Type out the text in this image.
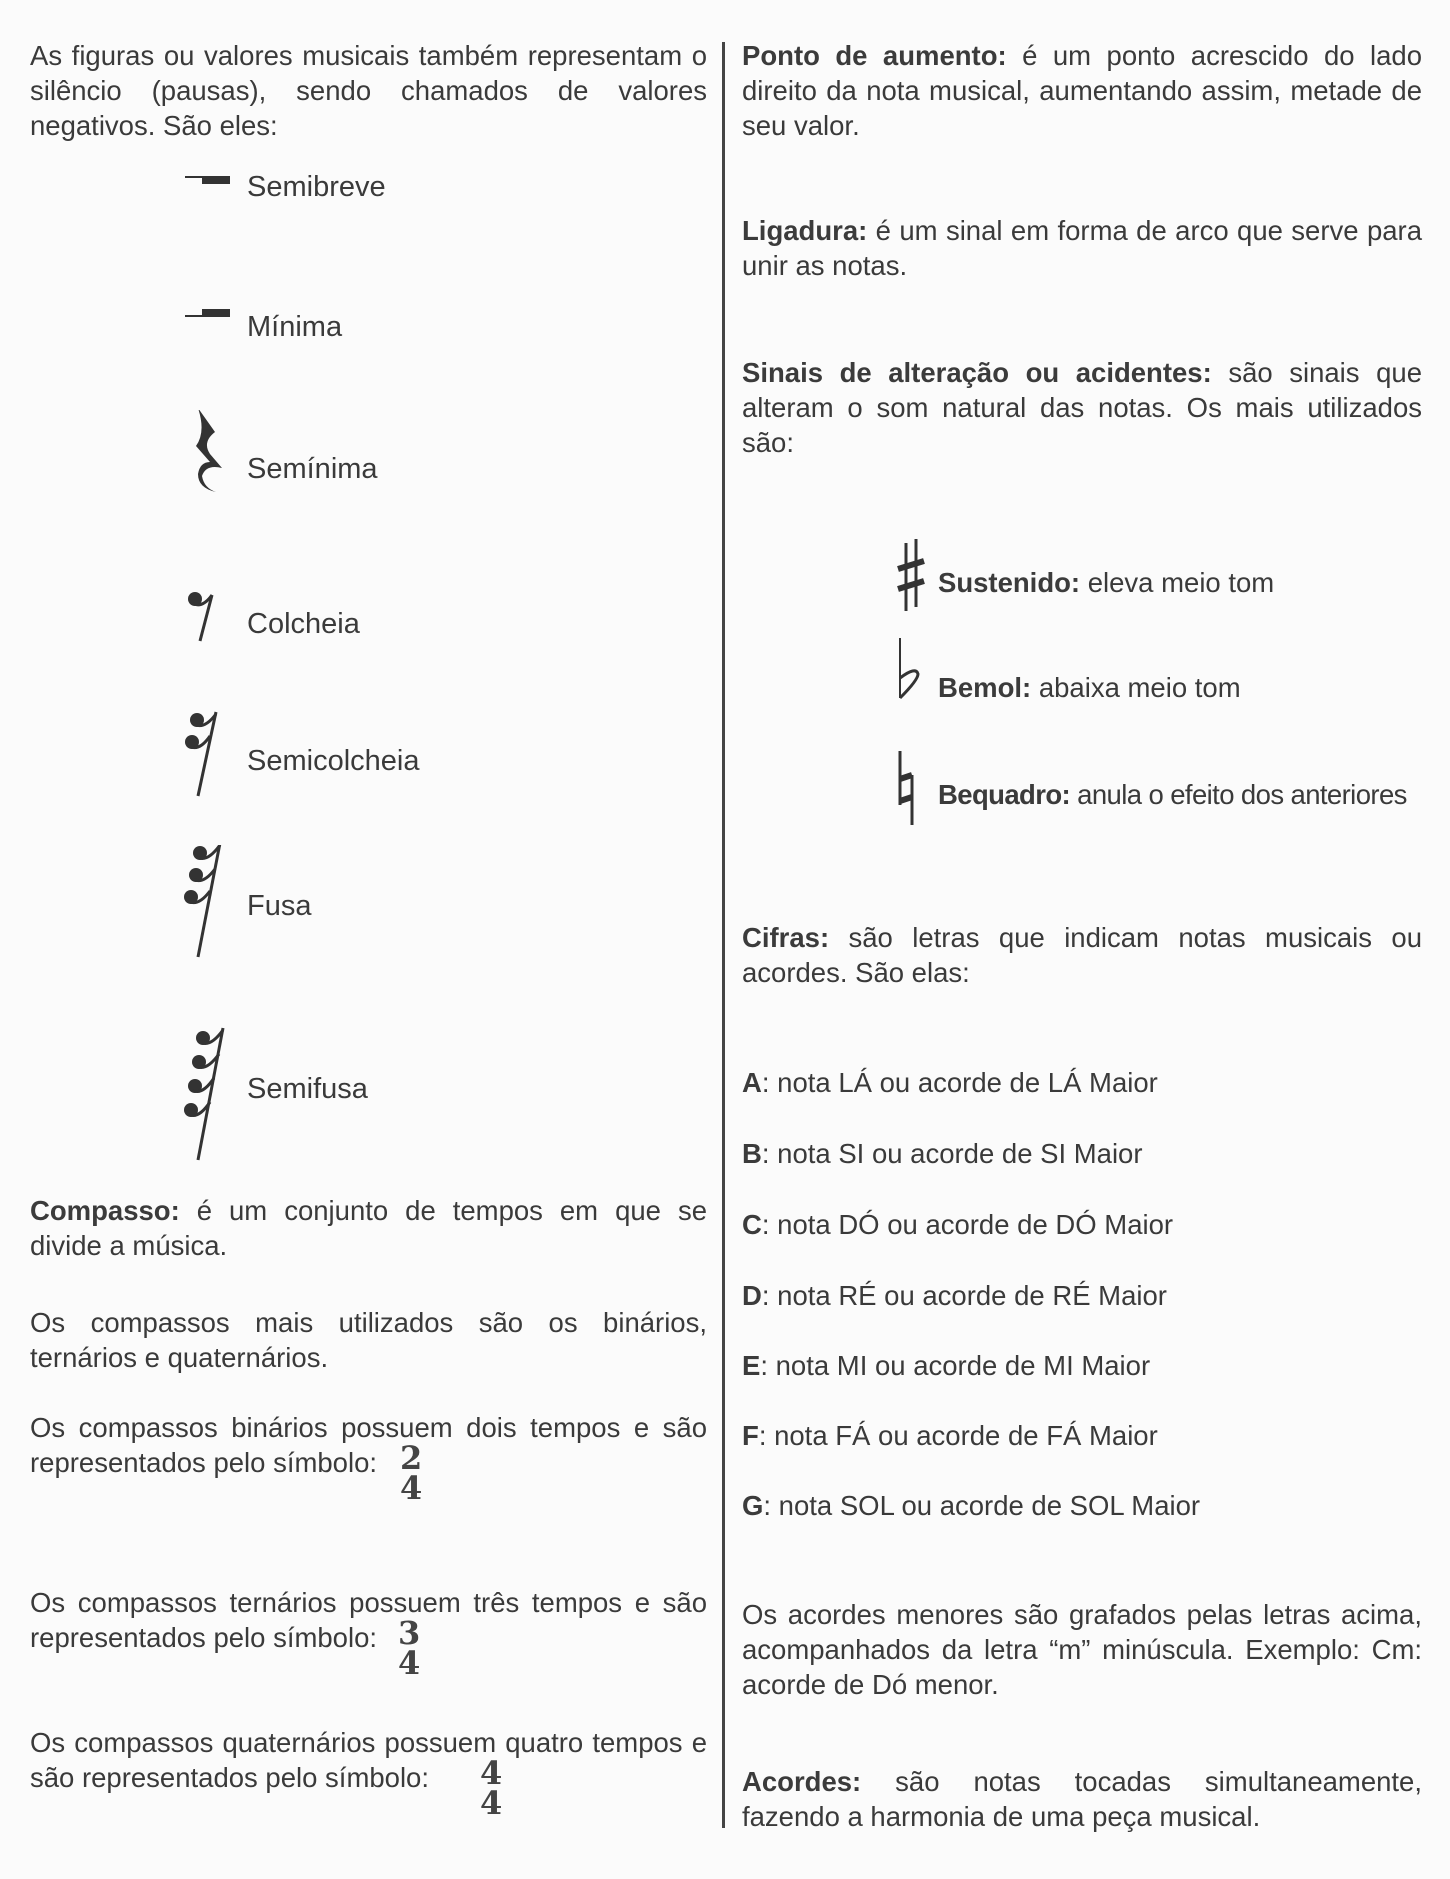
As figuras ou valores musicais também representam o silêncio (pausas), sendo chamados de valores negativos. São eles:

Semibreve
Mínima
Semínima
Colcheia
Semicolcheia
Fusa
Semifusa

Compasso: é um conjunto de tempos em que se divide a música.

Os compassos mais utilizados são os binários, ternários e quaternários.

Os compassos binários possuem dois tempos e são representados pelo símbolo: 2
4

Os compassos ternários possuem três tempos e são representados pelo símbolo: 3
4

Os compassos quaternários possuem quatro tempos e são representados pelo símbolo:	4
4

Ponto de aumento: é um ponto acrescido do lado direito da nota musical, aumentando assim, metade de seu valor.

Ligadura: é um sinal em forma de arco que serve para unir as notas.

Sinais de alteração ou acidentes: são sinais que alteram o som natural das notas. Os mais utilizados são:

Sustenido: eleva meio tom
Bemol: abaixa meio tom
Bequadro: anula o efeito dos anteriores

Cifras: são letras que indicam notas musicais ou acordes. São elas:

A: nota LÁ ou acorde de LÁ Maior
B: nota SI ou acorde de SI Maior
C: nota DÓ ou acorde de DÓ Maior
D: nota RÉ ou acorde de RÉ Maior
E: nota MI ou acorde de MI Maior
F: nota FÁ ou acorde de FÁ Maior
G: nota SOL ou acorde de SOL Maior

Os acordes menores são grafados pelas letras acima, acompanhados da letra “m” minúscula. Exemplo: Cm: acorde de Dó menor.

Acordes: são notas tocadas simultaneamente, fazendo a harmonia de uma peça musical.
